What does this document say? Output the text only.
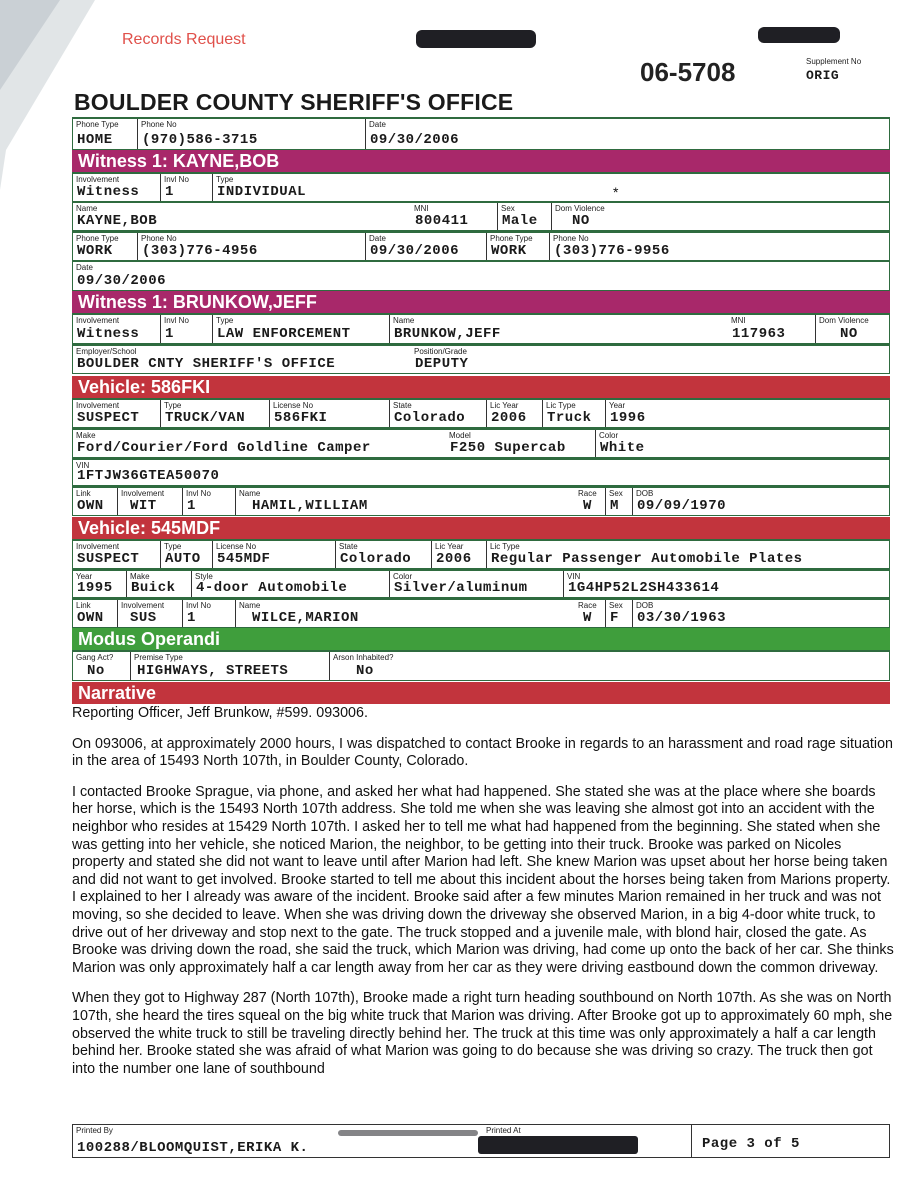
Records Request
06-5708	Supplement No
ORIG
BOULDER COUNTY SHERIFF'S OFFICE
Phone Type
HOME
Phone No
(970)586-3715
Date
09/30/2006
Witness 1: KAYNE,BOB
Involvement
Witness
Invl No
1
Type
INDIVIDUAL	*
Name
KAYNE,BOB
MNI
800411
Sex
Male
Dom Violence
NO
Phone Type
WORK
Phone No
(303)776-4956
Date
09/30/2006
Phone Type
WORK
Phone No
(303)776-9956
Date
09/30/2006
Witness 1: BRUNKOW,JEFF
Involvement
Witness
Invl No
1
Type
LAW ENFORCEMENT
Name
BRUNKOW,JEFF
MNI
117963
Dom Violence
NO
Employer/School
BOULDER CNTY SHERIFF'S OFFICE
Position/Grade
DEPUTY
Vehicle: 586FKI
Involvement
SUSPECT
Type
TRUCK/VAN
License No
586FKI
State
Colorado
Lic Year
2006
Lic Type
Truck
Year
1996
Make
Ford/Courier/Ford Goldline Camper
Model
F250 Supercab
Color
White
VIN
1FTJW36GTEA50070
Link
OWN
Involvement
WIT
Invl No
1
Name
HAMIL,WILLIAM
Race
W
Sex
M
DOB
09/09/1970
Vehicle: 545MDF
Involvement
SUSPECT
Type
AUTO
License No
545MDF
State
Colorado
Lic Year
2006
Lic Type
Regular Passenger Automobile Plates
Year
1995
Make
Buick
Style
4-door Automobile
Color
Silver/aluminum
VIN
1G4HP52L2SH433614
Link
OWN
Involvement
SUS
Invl No
1
Name
WILCE,MARION
Race
W
Sex
F
DOB
03/30/1963
Modus Operandi
Gang Act?
No
Premise Type
HIGHWAYS, STREETS
Arson Inhabited?
No
Narrative

Reporting Officer, Jeff Brunkow, #599. 093006.

On 093006, at approximately 2000 hours, I was dispatched to contact Brooke in regards to an harassment and road rage situation in the area of 15493 North 107th, in Boulder County, Colorado.

I contacted Brooke Sprague, via phone, and asked her what had happened. She stated she was at the place where she boards her horse, which is the 15493 North 107th address. She told me when she was leaving she almost got into an accident with the neighbor who resides at 15429 North 107th. I asked her to tell me what had happened from the beginning. She stated when she was getting into her vehicle, she noticed Marion, the neighbor, to be getting into their truck. Brooke was parked on Nicoles property and stated she did not want to leave until after Marion had left. She knew Marion was upset about her horse being taken and did not want to get involved. Brooke started to tell me about this incident about the horses being taken from Marions property. I explained to her I already was aware of the incident. Brooke said after a few minutes Marion remained in her truck and was not moving, so she decided to leave. When she was driving down the driveway she observed Marion, in a big 4-door white truck, to drive out of her driveway and stop next to the gate. The truck stopped and a juvenile male, with blond hair, closed the gate. As Brooke was driving down the road, she said the truck, which Marion was driving, had come up onto the back of her car. She thinks Marion was only approximately half a car length away from her car as they were driving eastbound down the common driveway.

When they got to Highway 287 (North 107th), Brooke made a right turn heading southbound on North 107th. As she was on North 107th, she heard the tires squeal on the big white truck that Marion was driving. After Brooke got up to approximately 60 mph, she observed the white truck to still be traveling directly behind her. The truck at this time was only approximately a half a car length behind her. Brooke stated she was afraid of what Marion was going to do because she was driving so crazy. The truck then got into the number one lane of southbound

Printed By
100288/BLOOMQUIST,ERIKA K.
Printed At
Page 3 of 5
